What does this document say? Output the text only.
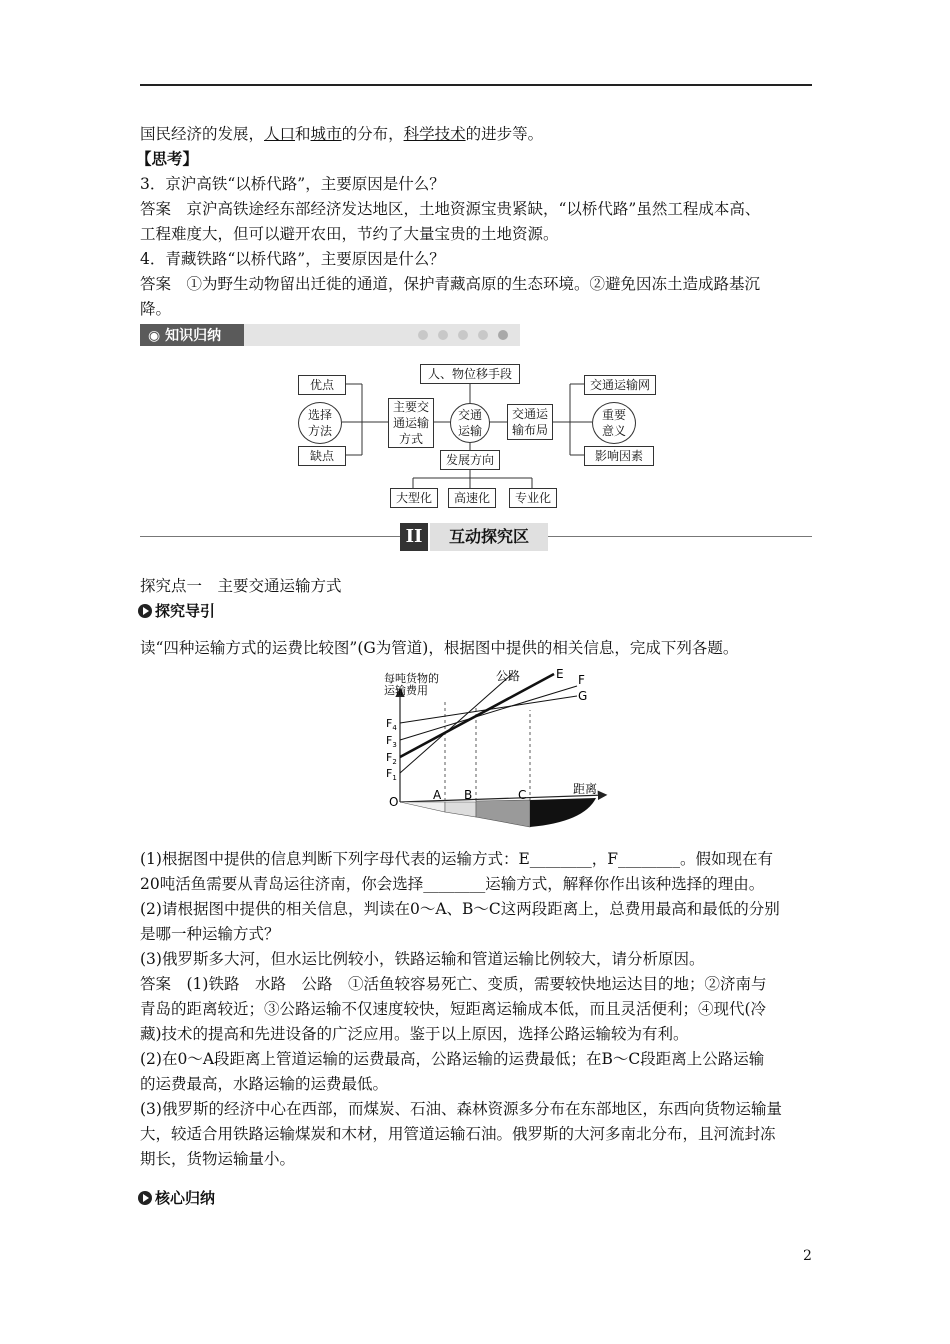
国民经济的发展，人口和城市的分布，科学技术的进步等。
【思考】
3．京沪高铁“以桥代路”，主要原因是什么？
答案　京沪高铁途经东部经济发达地区，土地资源宝贵紧缺，“以桥代路”虽然工程成本高、
工程难度大，但可以避开农田，节约了大量宝贵的土地资源。
4．青藏铁路“以桥代路”，主要原因是什么？
答案　①为野生动物留出迁徙的通道，保护青藏高原的生态环境。②避免因冻土造成路基沉
降。
◉ 知识归纳
人、物位移手段
交通
运输
主要交
通运输
方式
交通运
输布局
选择
方法
重要
意义
优点
缺点
交通运输网
影响因素
发展方向
大型化	高速化	专业化
II	互动探究区
探究点一　主要交通运输方式
探究导引
读“四种运输方式的运费比较图”(G为管道)，根据图中提供的相关信息，完成下列各题。
每吨货物的
运输费用
距离
O
$F_4$
$F_3$
$F_2$
$F_1$
A B	C
公路	E F
G
(1)根据图中提供的信息判断下列字母代表的运输方式：E________，F________。假如现在有
20吨活鱼需要从青岛运往济南，你会选择________运输方式，解释你作出该种选择的理由。
(2)请根据图中提供的相关信息，判读在0～A、B～C这两段距离上，总费用最高和最低的分别
是哪一种运输方式？
(3)俄罗斯多大河，但水运比例较小，铁路运输和管道运输比例较大，请分析原因。
答案　(1)铁路　水路　公路　①活鱼较容易死亡、变质，需要较快地运达目的地；②济南与
青岛的距离较近；③公路运输不仅速度较快，短距离运输成本低，而且灵活便利；④现代(冷
藏)技术的提高和先进设备的广泛应用。鉴于以上原因，选择公路运输较为有利。
(2)在0～A段距离上管道运输的运费最高，公路运输的运费最低；在B～C段距离上公路运输
的运费最高，水路运输的运费最低。
(3)俄罗斯的经济中心在西部，而煤炭、石油、森林资源多分布在东部地区，东西向货物运输量
大，较适合用铁路运输煤炭和木材，用管道运输石油。俄罗斯的大河多南北分布，且河流封冻
期长，货物运输量小。
核心归纳
2
